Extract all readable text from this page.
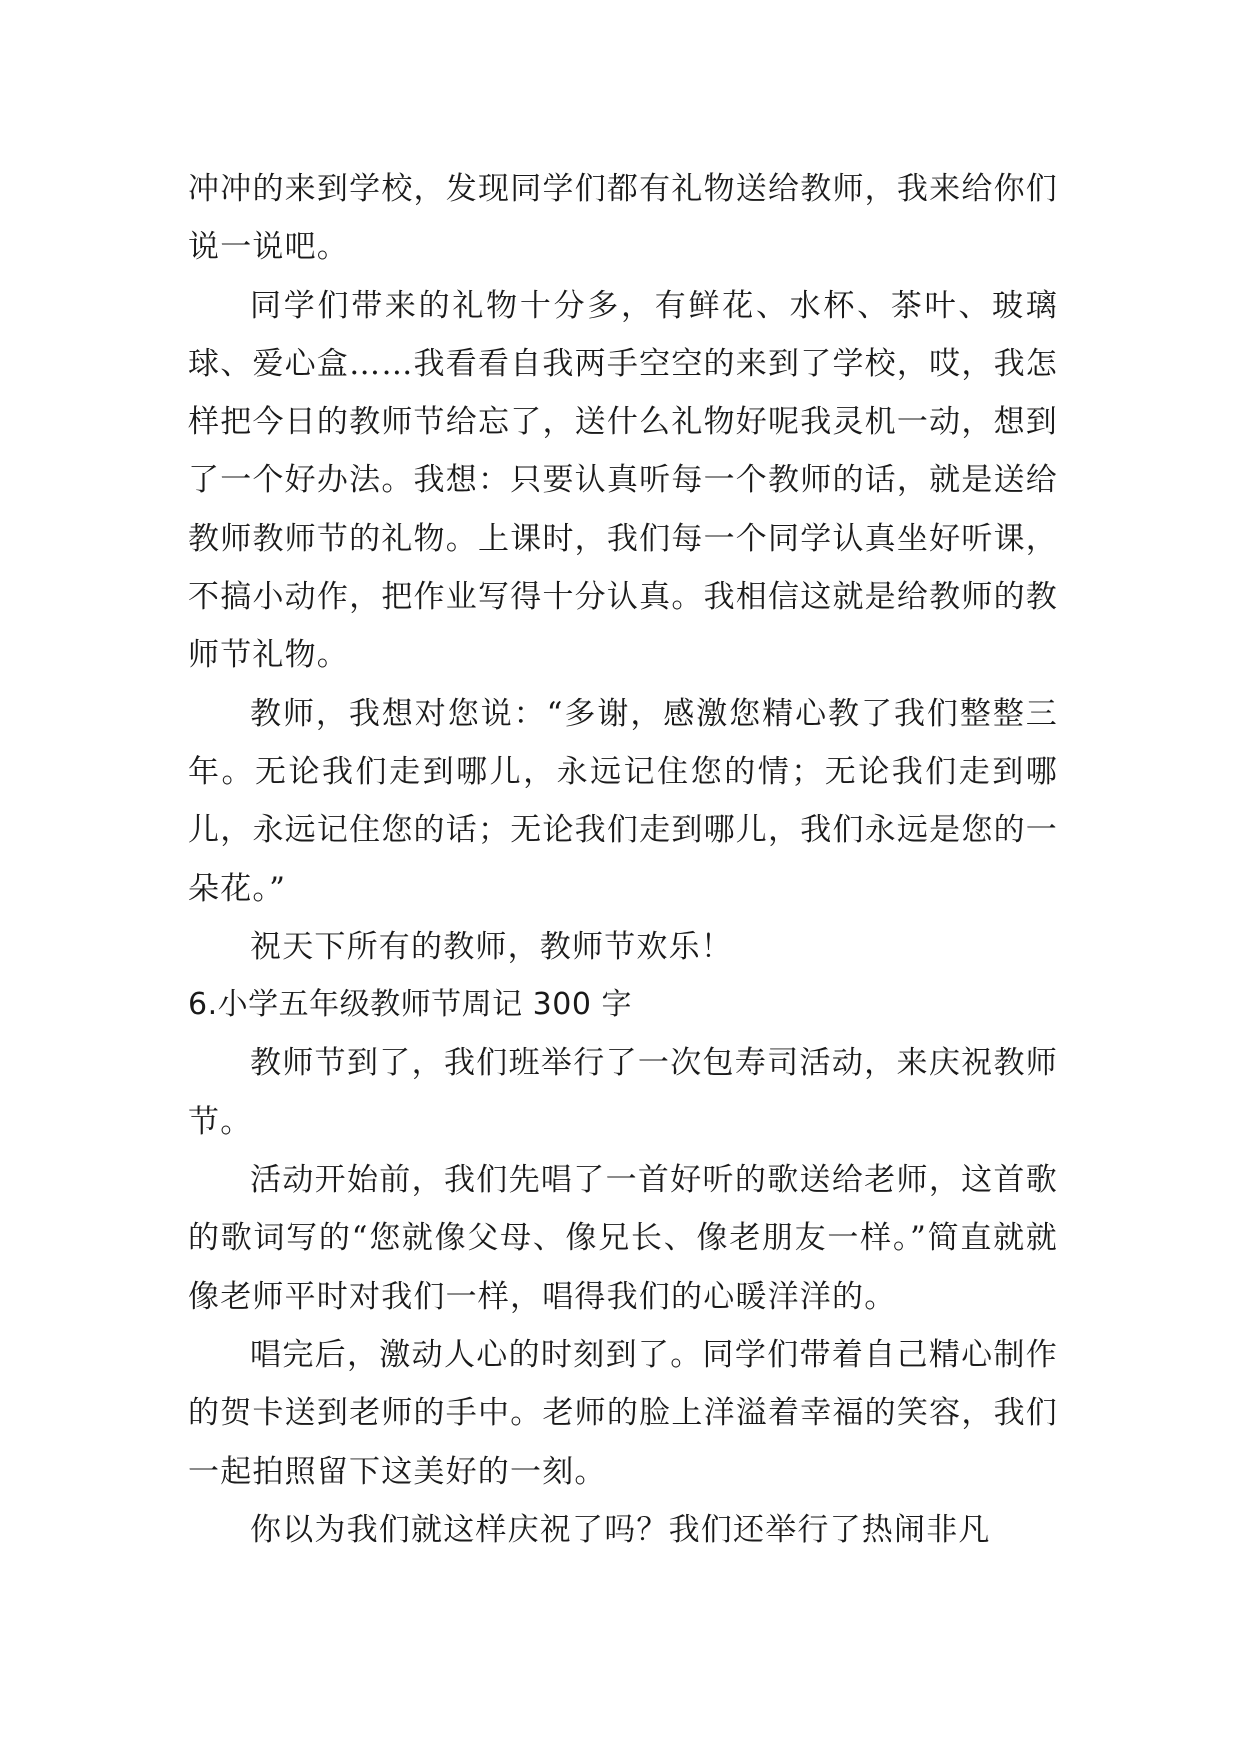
冲冲的来到学校，发现同学们都有礼物送给教师，我来给你们说一说吧。

同学们带来的礼物十分多，有鲜花、水杯、茶叶、玻璃球、爱心盒……我看看自我两手空空的来到了学校，哎，我怎样把今日的教师节给忘了，送什么礼物好呢我灵机一动，想到了一个好办法。我想：只要认真听每一个教师的话，就是送给教师教师节的礼物。上课时，我们每一个同学认真坐好听课，不搞小动作，把作业写得十分认真。我相信这就是给教师的教师节礼物。

教师，我想对您说：“多谢，感激您精心教了我们整整三年。无论我们走到哪儿，永远记住您的情；无论我们走到哪儿，永远记住您的话；无论我们走到哪儿，我们永远是您的一朵花。”

祝天下所有的教师，教师节欢乐！

6.小学五年级教师节周记 300 字

教师节到了，我们班举行了一次包寿司活动，来庆祝教师节。

活动开始前，我们先唱了一首好听的歌送给老师，这首歌的歌词写的“您就像父母、像兄长、像老朋友一样。”简直就就像老师平时对我们一样，唱得我们的心暖洋洋的。

唱完后，激动人心的时刻到了。同学们带着自己精心制作的贺卡送到老师的手中。老师的脸上洋溢着幸福的笑容，我们一起拍照留下这美好的一刻。

你以为我们就这样庆祝了吗？我们还举行了热闹非凡
